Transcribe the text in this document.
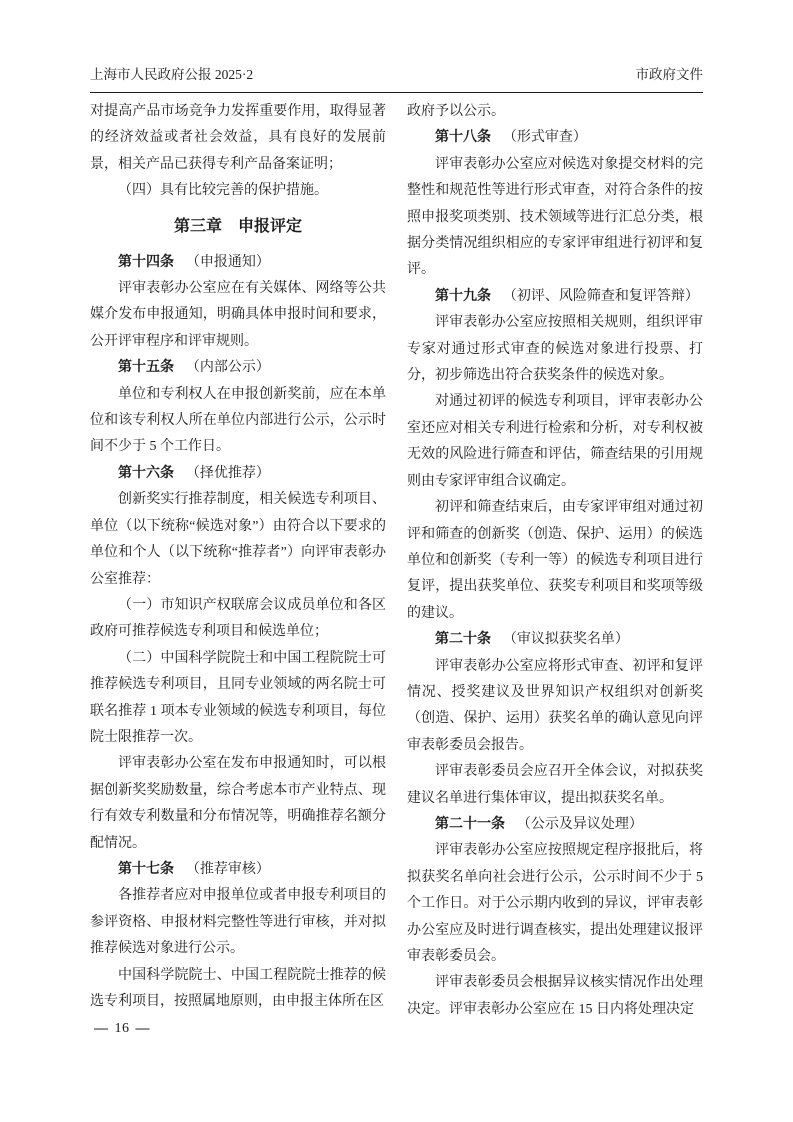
上海市人民政府公报 2025·2	市政府文件

对提高产品市场竞争力发挥重要作用，取得显著的经济效益或者社会效益，具有良好的发展前景，相关产品已获得专利产品备案证明；

（四）具有比较完善的保护措施。

第三章　申报评定

第十四条 （申报通知）

评审表彰办公室应在有关媒体、网络等公共媒介发布申报通知，明确具体申报时间和要求，公开评审程序和评审规则。

第十五条 （内部公示）

单位和专利权人在申报创新奖前，应在本单位和该专利权人所在单位内部进行公示，公示时间不少于 5 个工作日。

第十六条 （择优推荐）

创新奖实行推荐制度，相关候选专利项目、单位（以下统称“候选对象”）由符合以下要求的单位和个人（以下统称“推荐者”）向评审表彰办公室推荐：

（一）市知识产权联席会议成员单位和各区政府可推荐候选专利项目和候选单位；

（二）中国科学院院士和中国工程院院士可推荐候选专利项目，且同专业领域的两名院士可联名推荐 1 项本专业领域的候选专利项目，每位院士限推荐一次。

评审表彰办公室在发布申报通知时，可以根据创新奖奖励数量，综合考虑本市产业特点、现行有效专利数量和分布情况等，明确推荐名额分配情况。

第十七条 （推荐审核）

各推荐者应对申报单位或者申报专利项目的参评资格、申报材料完整性等进行审核，并对拟推荐候选对象进行公示。

中国科学院院士、中国工程院院士推荐的候选专利项目，按照属地原则，由申报主体所在区

政府予以公示。

第十八条 （形式审查）

评审表彰办公室应对候选对象提交材料的完整性和规范性等进行形式审查，对符合条件的按照申报奖项类别、技术领域等进行汇总分类，根据分类情况组织相应的专家评审组进行初评和复评。

第十九条 （初评、风险筛查和复评答辩）

评审表彰办公室应按照相关规则，组织评审专家对通过形式审查的候选对象进行投票、打分，初步筛选出符合获奖条件的候选对象。

对通过初评的候选专利项目，评审表彰办公室还应对相关专利进行检索和分析，对专利权被无效的风险进行筛查和评估，筛查结果的引用规则由专家评审组合议确定。

初评和筛查结束后，由专家评审组对通过初评和筛查的创新奖（创造、保护、运用）的候选单位和创新奖（专利一等）的候选专利项目进行复评，提出获奖单位、获奖专利项目和奖项等级的建议。

第二十条 （审议拟获奖名单）

评审表彰办公室应将形式审查、初评和复评情况、授奖建议及世界知识产权组织对创新奖（创造、保护、运用）获奖名单的确认意见向评审表彰委员会报告。

评审表彰委员会应召开全体会议，对拟获奖建议名单进行集体审议，提出拟获奖名单。

第二十一条 （公示及异议处理）

评审表彰办公室应按照规定程序报批后，将拟获奖名单向社会进行公示，公示时间不少于 5 个工作日。对于公示期内收到的异议，评审表彰办公室应及时进行调查核实，提出处理建议报评审表彰委员会。

评审表彰委员会根据异议核实情况作出处理决定。评审表彰办公室应在 15 日内将处理决定

— 16 —
